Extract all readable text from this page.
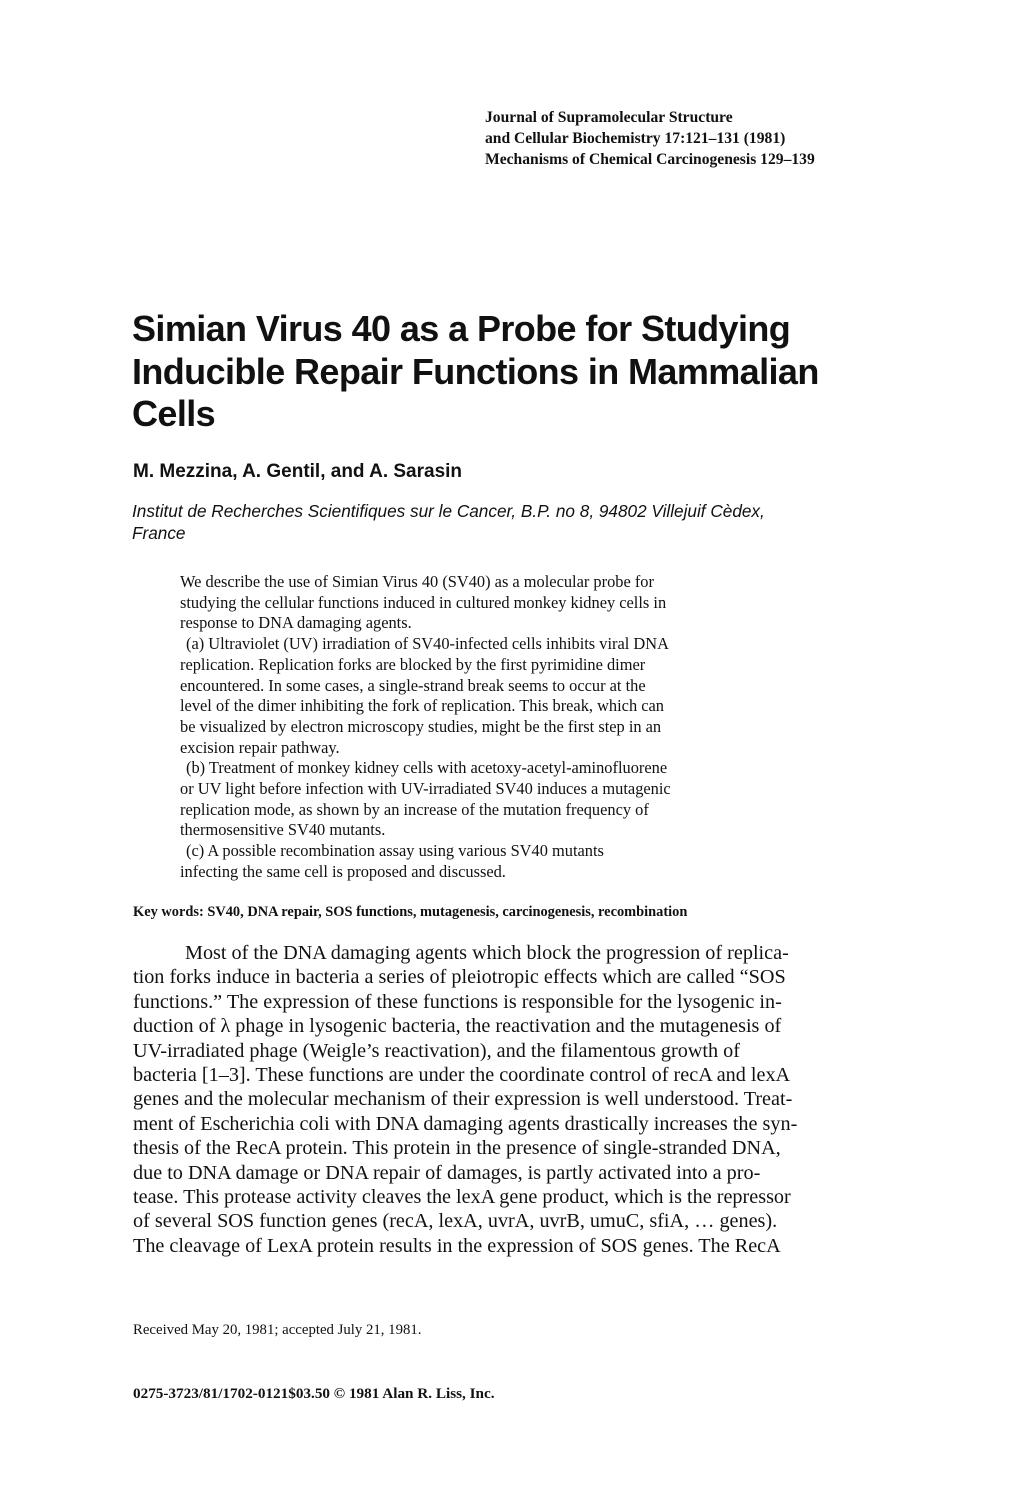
Journal of Supramolecular Structure
and Cellular Biochemistry 17:121–131 (1981)
Mechanisms of Chemical Carcinogenesis 129–139
Simian Virus 40 as a Probe for Studying
Inducible Repair Functions in Mammalian
Cells
M. Mezzina, A. Gentil, and A. Sarasin
Institut de Recherches Scientifiques sur le Cancer, B.P. no 8, 94802 Villejuif Cèdex,
France
We describe the use of Simian Virus 40 (SV40) as a molecular probe for
studying the cellular functions induced in cultured monkey kidney cells in
response to DNA damaging agents.
(a) Ultraviolet (UV) irradiation of SV40-infected cells inhibits viral DNA
replication. Replication forks are blocked by the first pyrimidine dimer
encountered. In some cases, a single-strand break seems to occur at the
level of the dimer inhibiting the fork of replication. This break, which can
be visualized by electron microscopy studies, might be the first step in an
excision repair pathway.
(b) Treatment of monkey kidney cells with acetoxy-acetyl-aminofluorene
or UV light before infection with UV-irradiated SV40 induces a mutagenic
replication mode, as shown by an increase of the mutation frequency of
thermosensitive SV40 mutants.
(c) A possible recombination assay using various SV40 mutants
infecting the same cell is proposed and discussed.
Key words: SV40, DNA repair, SOS functions, mutagenesis, carcinogenesis, recombination
Most of the DNA damaging agents which block the progression of replica-
tion forks induce in bacteria a series of pleiotropic effects which are called “SOS
functions.” The expression of these functions is responsible for the lysogenic in-
duction of λ phage in lysogenic bacteria, the reactivation and the mutagenesis of
UV-irradiated phage (Weigle’s reactivation), and the filamentous growth of
bacteria [1–3]. These functions are under the coordinate control of recA and lexA
genes and the molecular mechanism of their expression is well understood. Treat-
ment of Escherichia coli with DNA damaging agents drastically increases the syn-
thesis of the RecA protein. This protein in the presence of single-stranded DNA,
due to DNA damage or DNA repair of damages, is partly activated into a pro-
tease. This protease activity cleaves the lexA gene product, which is the repressor
of several SOS function genes (recA, lexA, uvrA, uvrB, umuC, sfiA, … genes).
The cleavage of LexA protein results in the expression of SOS genes. The RecA
Received May 20, 1981; accepted July 21, 1981.
0275-3723/81/1702-0121$03.50 © 1981 Alan R. Liss, Inc.
